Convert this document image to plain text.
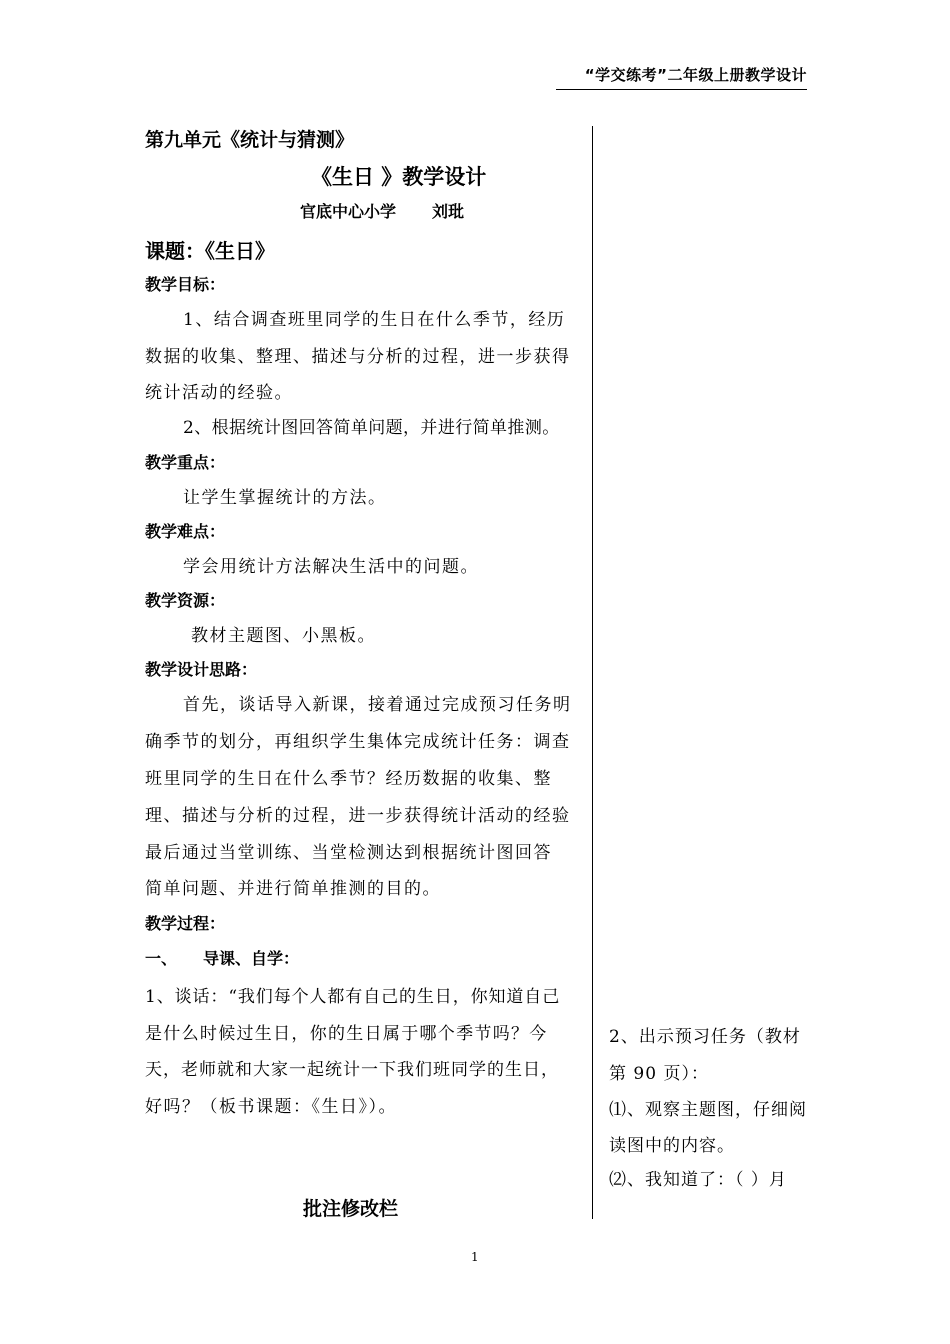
“学交练考”二年级上册教学设计
第九单元《统计与猜测》
《生日 》教学设计
官底中心小学 刘玭
课题：《生日》
教学目标：
1、结合调查班里同学的生日在什么季节，经历
数据的收集、整理、描述与分析的过程，进一步获得
统计活动的经验。
2、根据统计图回答简单问题，并进行简单推测。
教学重点：
让学生掌握统计的方法。
教学难点：
学会用统计方法解决生活中的问题。
教学资源：
教材主题图、小黑板。
教学设计思路：
首先，谈话导入新课，接着通过完成预习任务明
确季节的划分，再组织学生集体完成统计任务：调查
班里同学的生日在什么季节？经历数据的收集、整
理、描述与分析的过程，进一步获得统计活动的经验
最后通过当堂训练、当堂检测达到根据统计图回答
简单问题、并进行简单推测的目的。
教学过程：
一、 导课、自学：
1、谈话：“我们每个人都有自己的生日，你知道自己
是什么时候过生日，你的生日属于哪个季节吗？今
天，老师就和大家一起统计一下我们班同学的生日，
好吗？（板书课题：《生日》）。
2、出示预习任务（教材
第 90 页）：
⑴、观察主题图，仔细阅
读图中的内容。
⑵、我知道了：（ ）月
批注修改栏
1
